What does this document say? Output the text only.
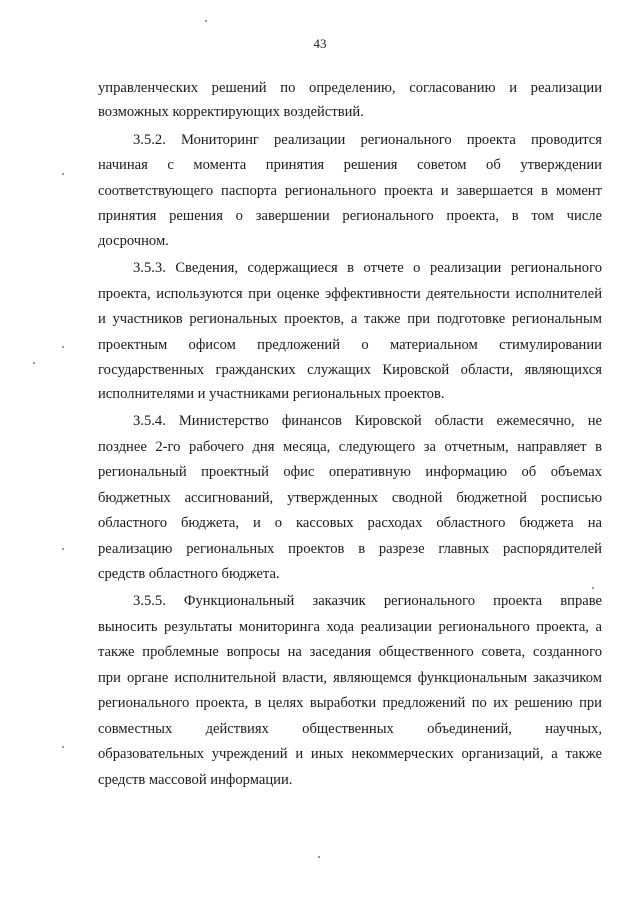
43
управленческих решений по определению, согласованию и реализации
возможных корректирующих воздействий.
3.5.2. Мониторинг реализации регионального проекта проводится
начиная с момента принятия решения советом об утверждении
соответствующего паспорта регионального проекта и завершается в момент
принятия решения о завершении регионального проекта, в том числе
досрочном.
3.5.3. Сведения, содержащиеся в отчете о реализации регионального
проекта, используются при оценке эффективности деятельности исполнителей
и участников региональных проектов, а также при подготовке региональным
проектным офисом предложений о материальном стимулировании
государственных гражданских служащих Кировской области, являющихся
исполнителями и участниками региональных проектов.
3.5.4. Министерство финансов Кировской области ежемесячно, не
позднее 2-го рабочего дня месяца, следующего за отчетным, направляет в
региональный проектный офис оперативную информацию об объемах
бюджетных ассигнований, утвержденных сводной бюджетной росписью
областного бюджета, и о кассовых расходах областного бюджета на
реализацию региональных проектов в разрезе главных распорядителей
средств областного бюджета.
3.5.5. Функциональный заказчик регионального проекта вправе
выносить результаты мониторинга хода реализации регионального проекта, а
также проблемные вопросы на заседания общественного совета, созданного
при органе исполнительной власти, являющемся функциональным заказчиком
регионального проекта, в целях выработки предложений по их решению при
совместных действиях общественных объединений, научных,
образовательных учреждений и иных некоммерческих организаций, а также
средств массовой информации.
